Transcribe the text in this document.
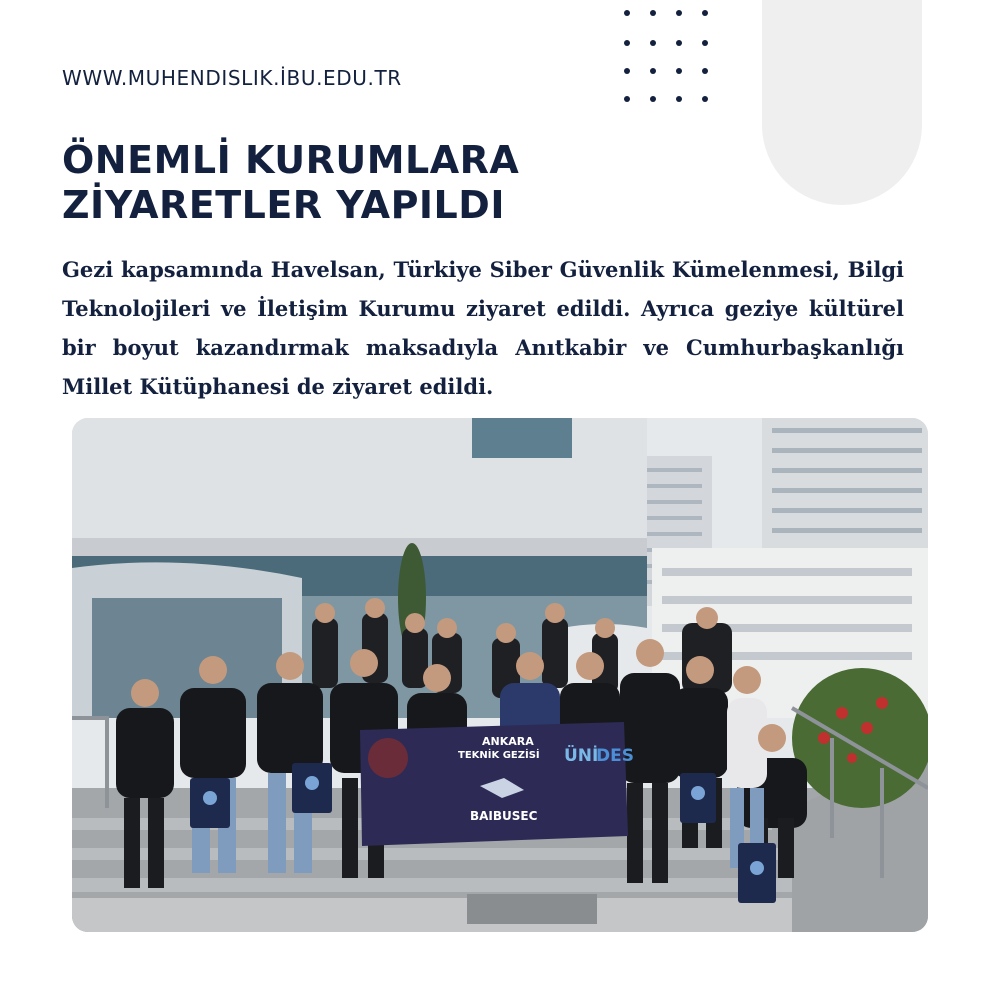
WWW.MUHENDISLIK.İBU.EDU.TR
ÖNEMLİ KURUMLARA
ZİYARETLER YAPILDI

Gezi kapsamında Havelsan, Türkiye Siber Güvenlik Kümelenmesi, Bilgi Teknolojileri ve İletişim Kurumu ziyaret edildi. Ayrıca geziye kültürel bir boyut kazandırmak maksadıyla Anıtkabir ve Cumhurbaşkanlığı Millet Kütüphanesi de ziyaret edildi.

ANKARA
TEKNİK GEZİSİ ÜNİ
DES
BAIBUSEC
